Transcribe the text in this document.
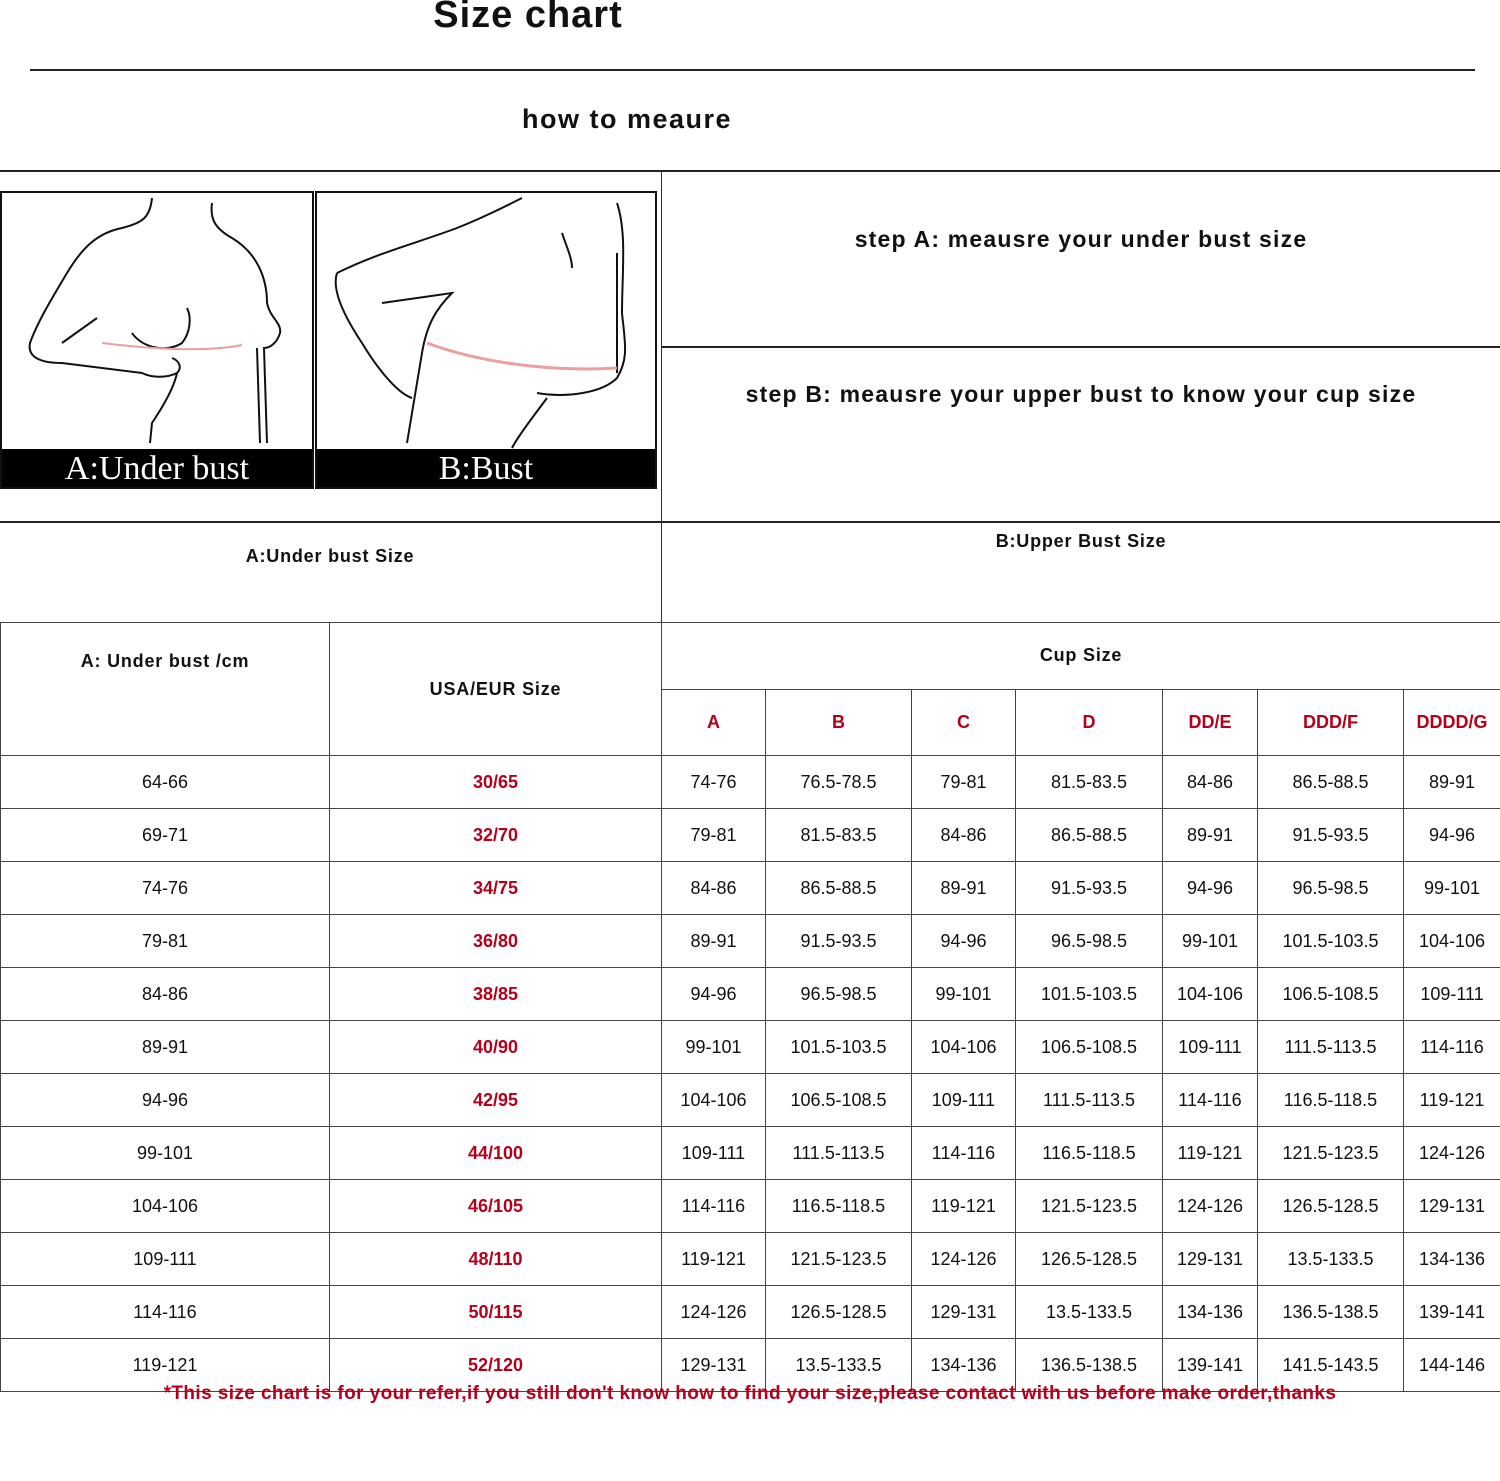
Size chart
how to meaure
A:Under bust	B:Bust
step A: meausre your under bust size
step B: meausre your upper bust to know your cup size
A:Under bust Size
B:Upper Bust Size
A: Under bust /cm	USA/EUR Size	Cup Size						
		A	B	C	D	DD/E	DDD/F	DDDD/G
64-66	30/65	74-76	76.5-78.5	79-81	81.5-83.5	84-86	86.5-88.5	89-91
69-71	32/70	79-81	81.5-83.5	84-86	86.5-88.5	89-91	91.5-93.5	94-96
74-76	34/75	84-86	86.5-88.5	89-91	91.5-93.5	94-96	96.5-98.5	99-101
79-81	36/80	89-91	91.5-93.5	94-96	96.5-98.5	99-101	101.5-103.5	104-106
84-86	38/85	94-96	96.5-98.5	99-101	101.5-103.5	104-106	106.5-108.5	109-111
89-91	40/90	99-101	101.5-103.5	104-106	106.5-108.5	109-111	111.5-113.5	114-116
94-96	42/95	104-106	106.5-108.5	109-111	111.5-113.5	114-116	116.5-118.5	119-121
99-101	44/100	109-111	111.5-113.5	114-116	116.5-118.5	119-121	121.5-123.5	124-126
104-106	46/105	114-116	116.5-118.5	119-121	121.5-123.5	124-126	126.5-128.5	129-131
109-111	48/110	119-121	121.5-123.5	124-126	126.5-128.5	129-131	13.5-133.5	134-136
114-116	50/115	124-126	126.5-128.5	129-131	13.5-133.5	134-136	136.5-138.5	139-141
119-121	52/120	129-131	13.5-133.5	134-136	136.5-138.5	139-141	141.5-143.5	144-146
*This size chart is for your refer,if you still don't know how to find your size,please contact with us before make order,thanks
